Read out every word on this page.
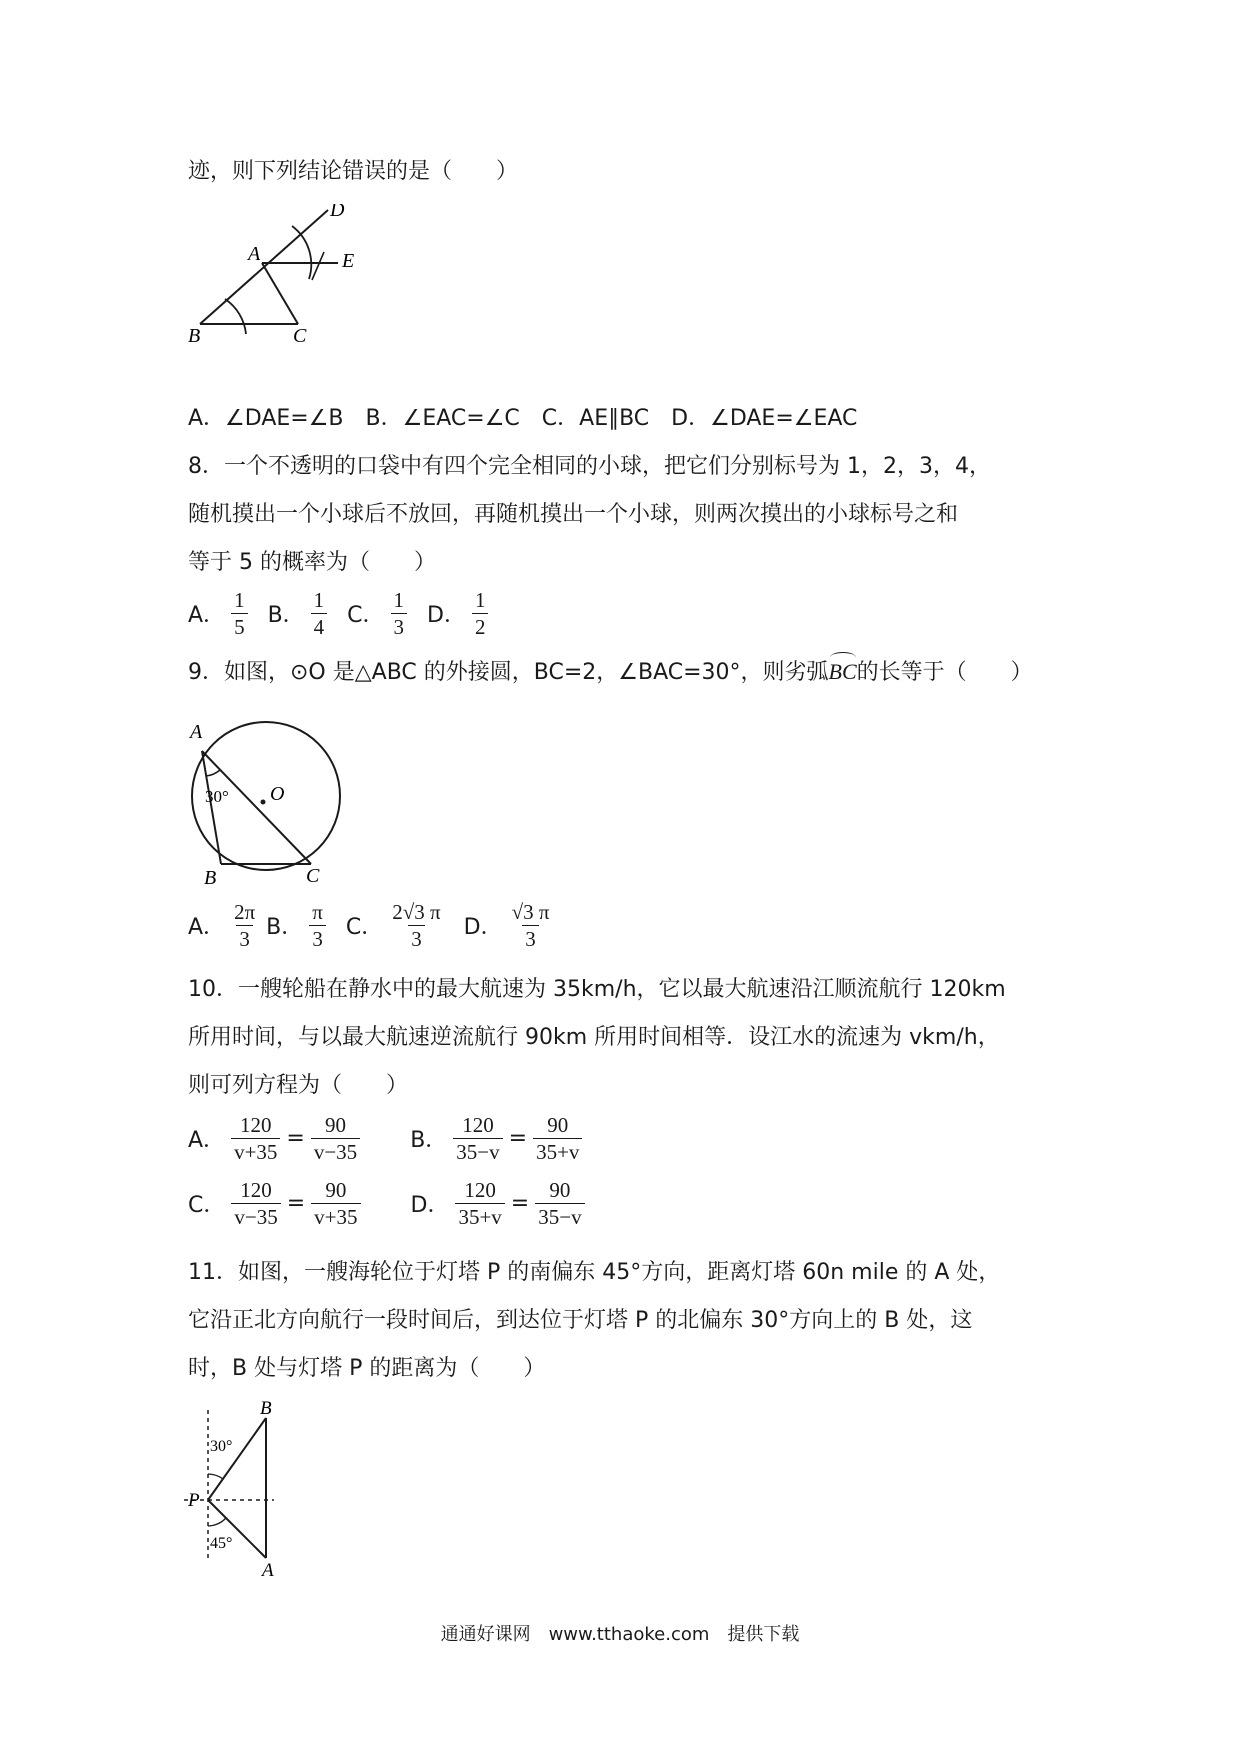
迹，则下列结论错误的是（　　）
D
A	E
B	C
A．∠DAE=∠B　B．∠EAC=∠C　C．AE∥BC　D．∠DAE=∠EAC
8．一个不透明的口袋中有四个完全相同的小球，把它们分别标号为 1，2，3，4，
随机摸出一个小球后不放回，再随机摸出一个小球，则两次摸出的小球标号之和
等于 5 的概率为（　　）
A． $\frac{1}{5}$ B． $\frac{1}{4}$ C． $\frac{1}{3}$ D． $\frac{1}{2}$
9．如图，⊙O 是△ABC 的外接圆，BC=2，∠BAC=30°，则劣弧BC的长等于（　　）
A
O
30°
B	C
A． $\frac{2\pi}{3}$ B． $\frac{\pi}{3}$ C． $\frac{2√3 \pi}{3}$ D． $\frac{√3 \pi}{3}$
10．一艘轮船在静水中的最大航速为 35km/h，它以最大航速沿江顺流航行 120km
所用时间，与以最大航速逆流航行 90km 所用时间相等．设江水的流速为 vkm/h，
则可列方程为（　　）
A． $\frac{120}{v+35} = \frac{90}{v-35}$ B． $\frac{120}{35-v} = \frac{90}{35+v}$
C． $\frac{120}{v-35} = \frac{90}{v+35}$ D． $\frac{120}{35+v} = \frac{90}{35-v}$
11．如图，一艘海轮位于灯塔 P 的南偏东 45°方向，距离灯塔 60n mile 的 A 处，
它沿正北方向航行一段时间后，到达位于灯塔 P 的北偏东 30°方向上的 B 处，这
时，B 处与灯塔 P 的距离为（　　）
B
P
A
30°
45°
通通好课网　www.tthaoke.com　提供下载
